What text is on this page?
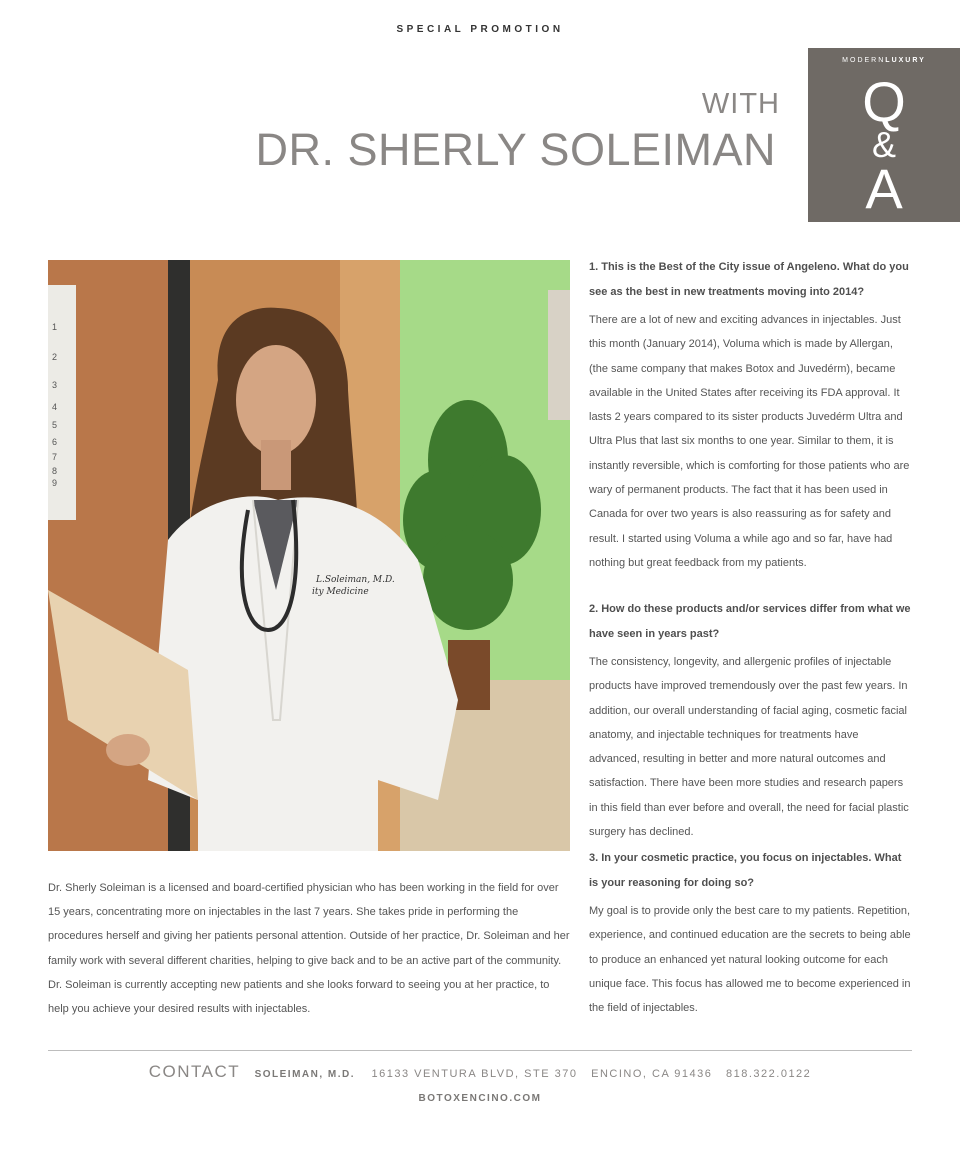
SPECIAL PROMOTION
MODERNLUXURY
Q
&
A
WITH
DR. SHERLY SOLEIMAN
1
2
3
4
5
6
7
8
9
L.Soleiman, M.D.
ity Medicine
Dr. Sherly Soleiman is a licensed and board-certified physician who has been working in the field for over 15 years, concentrating more on injectables in the last 7 years. She takes pride in performing the procedures herself and giving her patients personal attention. Outside of her practice, Dr. Soleiman and her family work with several different charities, helping to give back and to be an active part of the community. Dr. Soleiman is currently accepting new patients and she looks forward to seeing you at her practice, to help you achieve your desired results with injectables.
1. This is the Best of the City issue of Angeleno. What do you see as the best in new treatments moving into 2014?
There are a lot of new and exciting advances in injectables. Just this month (January 2014), Voluma which is made by Allergan, (the same company that makes Botox and Juvedérm), became available in the United States after receiving its FDA approval. It lasts 2 years compared to its sister products Juvedérm Ultra and Ultra Plus that last six months to one year. Similar to them, it is instantly reversible, which is comforting for those patients who are wary of permanent products. The fact that it has been used in Canada for over two years is also reassuring as for safety and result. I started using Voluma a while ago and so far, have had nothing but great feedback from my patients.
2. How do these products and/or services differ from what we have seen in years past?
The consistency, longevity, and allergenic profiles of injectable products have improved tremendously over the past few years. In addition, our overall understanding of facial aging, cosmetic facial anatomy, and injectable techniques for treatments have advanced, resulting in better and more natural outcomes and satisfaction. There have been more studies and research papers in this field than ever before and overall, the need for facial plastic surgery has declined.
3. In your cosmetic practice, you focus on injectables. What is your reasoning for doing so?
My goal is to provide only the best care to my patients. Repetition, experience, and continued education are the secrets to being able to produce an enhanced yet natural looking outcome for each unique face. This focus has allowed me to become experienced in the field of injectables.
CONTACT SOLEIMAN, M.D. 16133 VENTURA BLVD, STE 370   ENCINO, CA 91436   818.322.0122
BOTOXENCINO.COM
